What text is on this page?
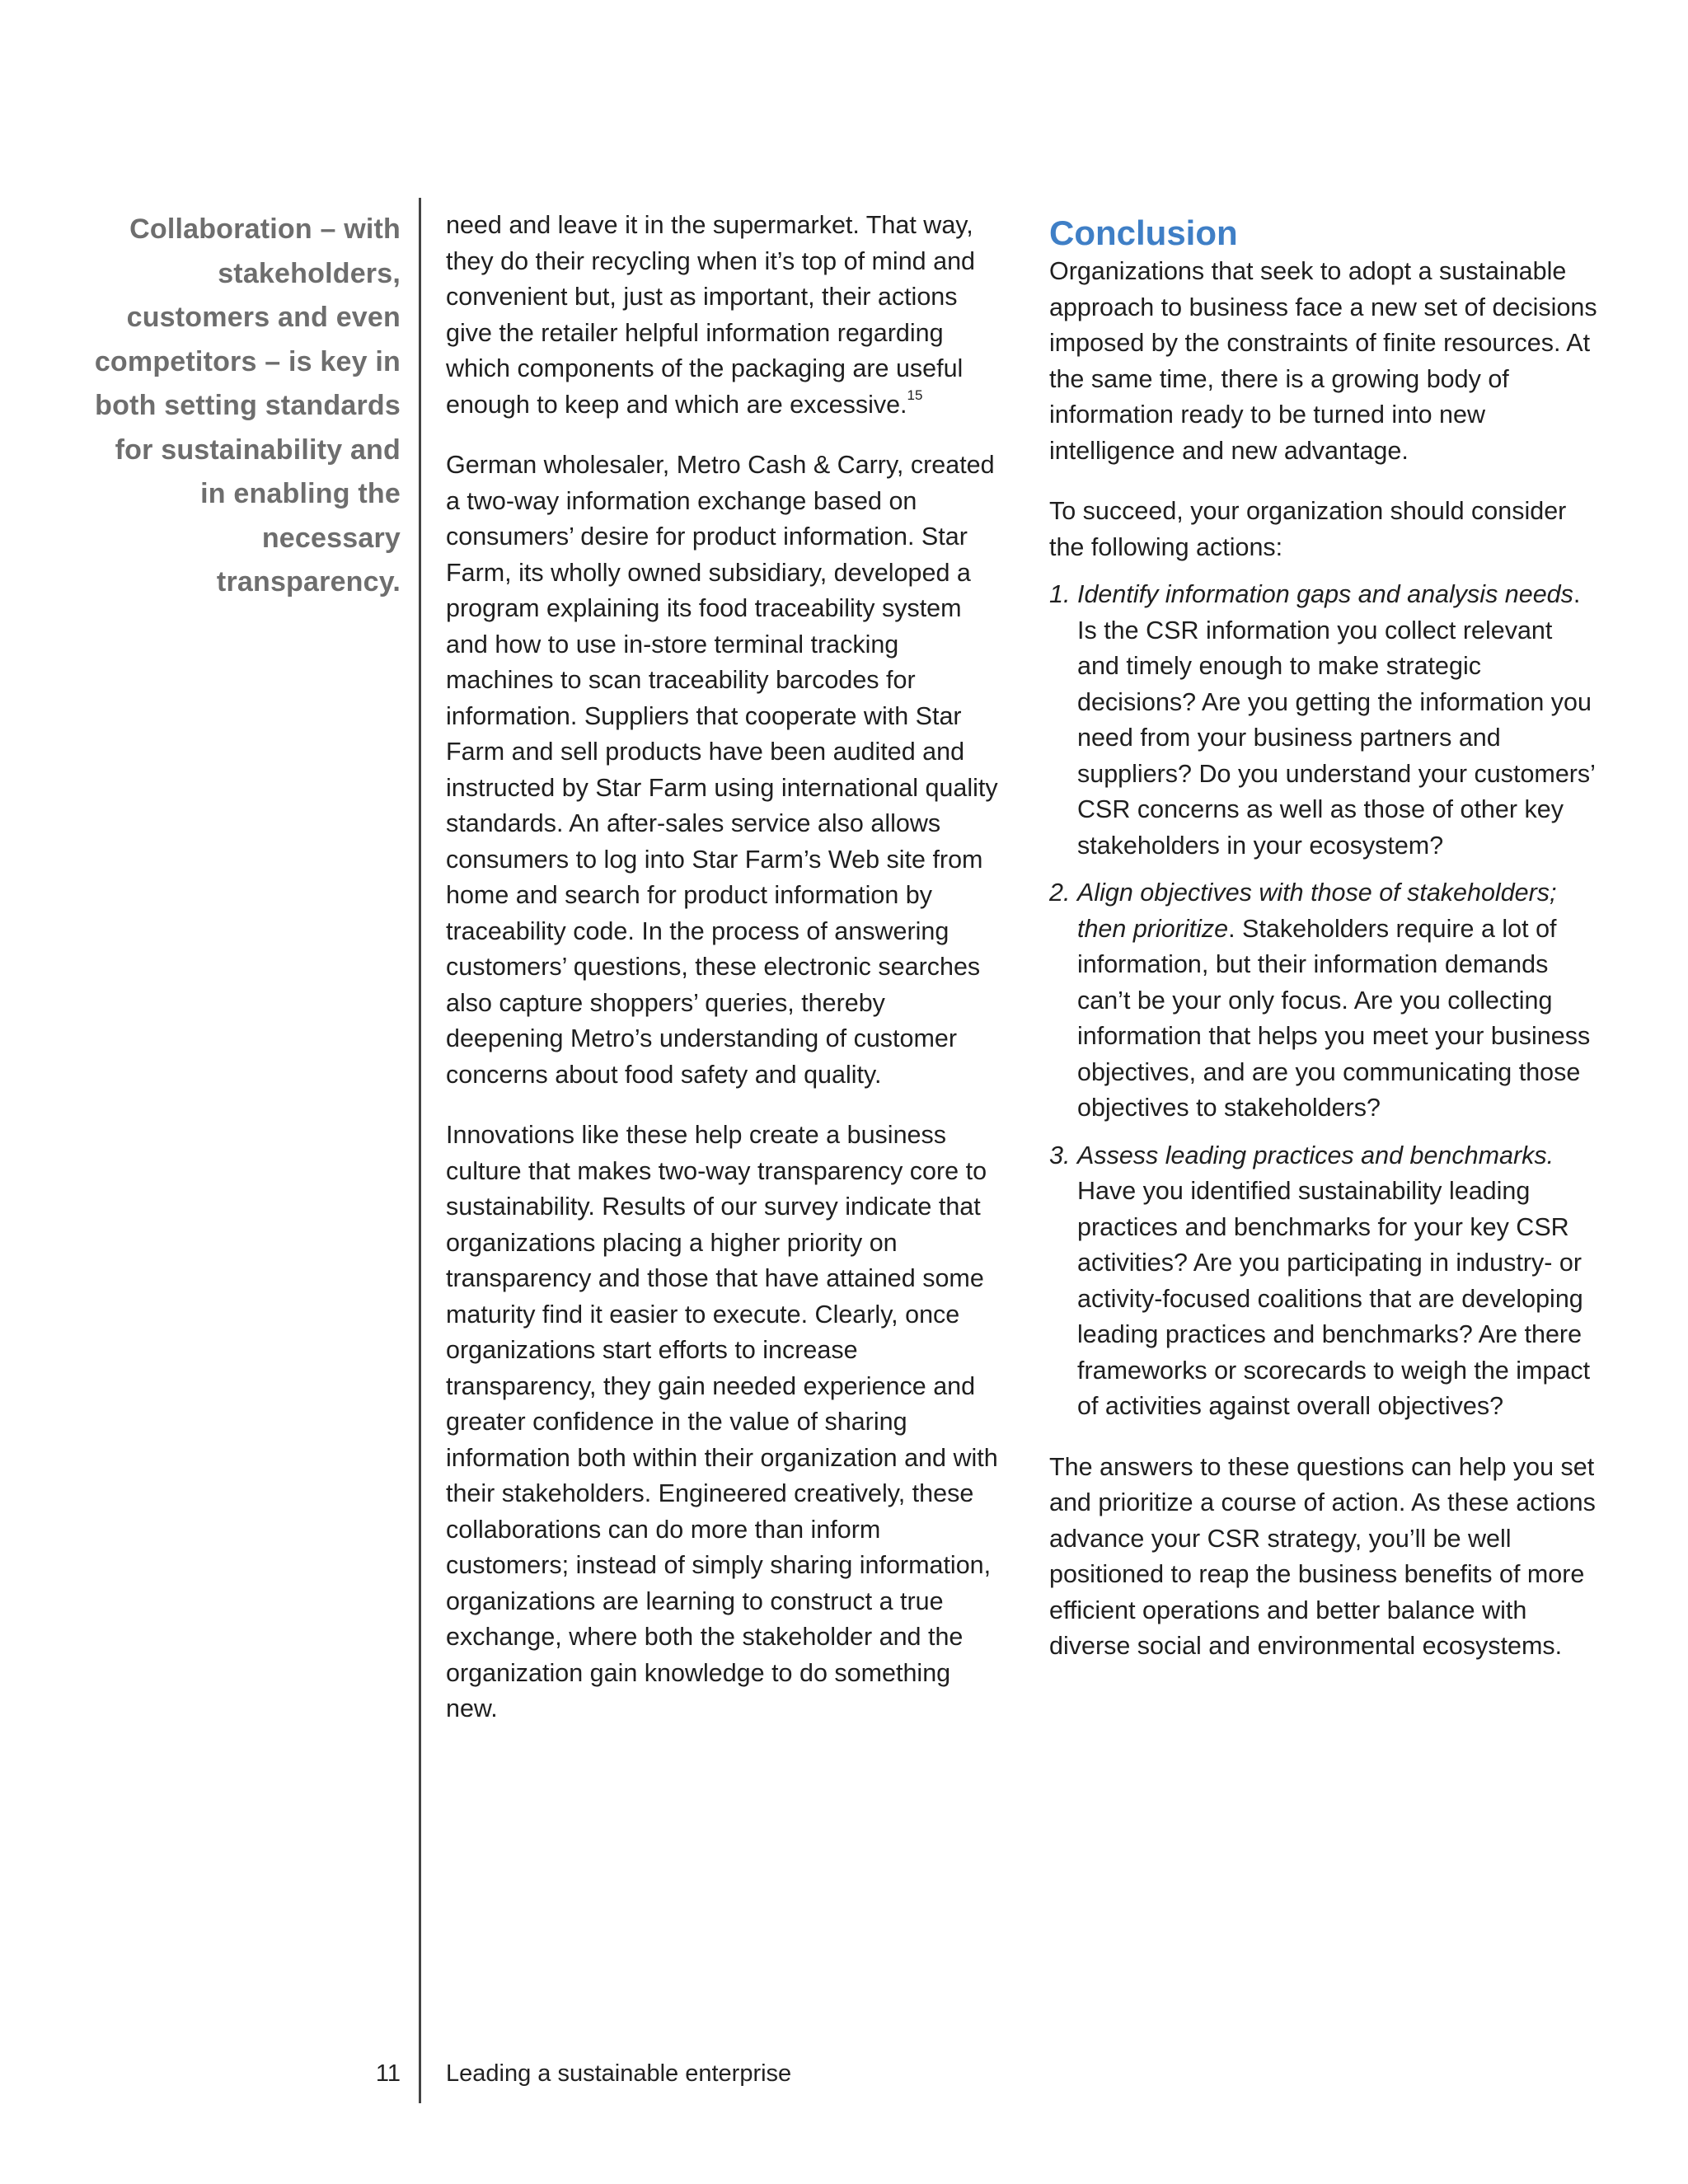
Collaboration – with stakeholders, customers and even competitors – is key in both setting standards for sustainability and in enabling the necessary transparency.

need and leave it in the supermarket. That way, they do their recycling when it’s top of mind and convenient but, just as important, their actions give the retailer helpful information regarding which components of the packaging are useful enough to keep and which are excessive.$^{15}$

German wholesaler, Metro Cash & Carry, created a two-way information exchange based on consumers’ desire for product information. Star Farm, its wholly owned subsidiary, developed a program explaining its food traceability system and how to use in-store terminal tracking machines to scan traceability barcodes for information. Suppliers that cooperate with Star Farm and sell products have been audited and instructed by Star Farm using international quality standards. An after-sales service also allows consumers to log into Star Farm’s Web site from home and search for product information by traceability code. In the process of answering customers’ questions, these electronic searches also capture shoppers’ queries, thereby deepening Metro’s understanding of customer concerns about food safety and quality.

Innovations like these help create a business culture that makes two-way transparency core to sustainability. Results of our survey indicate that organizations placing a higher priority on transparency and those that have attained some maturity find it easier to execute. Clearly, once organizations start efforts to increase transparency, they gain needed experience and greater confidence in the value of sharing information both within their organization and with their stakeholders. Engineered creatively, these collaborations can do more than inform customers; instead of simply sharing information, organizations are learning to construct a true exchange, where both the stakeholder and the organization gain knowledge to do something new.

Conclusion

Organizations that seek to adopt a sustainable approach to business face a new set of decisions imposed by the constraints of finite resources. At the same time, there is a growing body of information ready to be turned into new intelligence and new advantage.

To succeed, your organization should consider the following actions:

1. Identify information gaps and analysis needs. Is the CSR information you collect relevant and timely enough to make strategic decisions? Are you getting the information you need from your business partners and suppliers? Do you understand your customers’ CSR concerns as well as those of other key stakeholders in your ecosystem?
2. Align objectives with those of stakeholders; then prioritize. Stakeholders require a lot of information, but their information demands can’t be your only focus. Are you collecting information that helps you meet your business objectives, and are you communicating those objectives to stakeholders?
3. Assess leading practices and benchmarks. Have you identified sustainability leading practices and benchmarks for your key CSR activities? Are you participating in industry- or activity-focused coalitions that are developing leading practices and benchmarks? Are there frameworks or scorecards to weigh the impact of activities against overall objectives?

The answers to these questions can help you set and prioritize a course of action. As these actions advance your CSR strategy, you’ll be well positioned to reap the business benefits of more efficient operations and better balance with diverse social and environmental ecosystems.

11 Leading a sustainable enterprise
